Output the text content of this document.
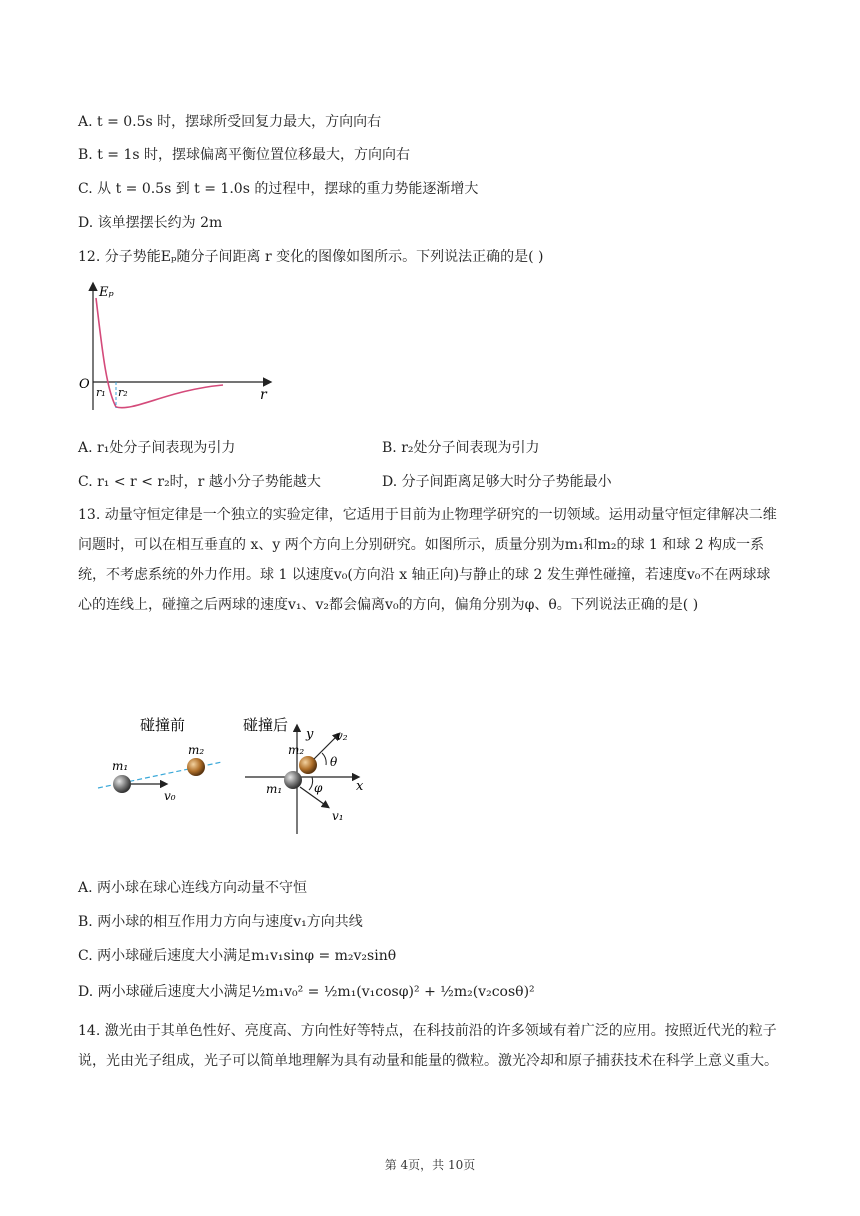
A. t = 0.5s 时，摆球所受回复力最大，方向向右
B. t = 1s 时，摆球偏离平衡位置位移最大，方向向右
C. 从 t = 0.5s 到 t = 1.0s 的过程中，摆球的重力势能逐渐增大
D. 该单摆摆长约为 2m
12. 分子势能Eₚ随分子间距离 r 变化的图像如图所示。下列说法正确的是( )
Eₚ
r
O
r₁ r₂
A. r₁处分子间表现为引力	B. r₂处分子间表现为引力
C. r₁ < r < r₂时，r 越小分子势能越大	D. 分子间距离足够大时分子势能最小
13. 动量守恒定律是一个独立的实验定律，它适用于目前为止物理学研究的一切领域。运用动量守恒定律解决二维问题时，可以在相互垂直的 x、y 两个方向上分别研究。如图所示，质量分别为m₁和m₂的球 1 和球 2 构成一系统，不考虑系统的外力作用。球 1 以速度v₀(方向沿 x 轴正向)与静止的球 2 发生弹性碰撞，若速度v₀不在两球球心的连线上，碰撞之后两球的速度v₁、v₂都会偏离v₀的方向，偏角分别为φ、θ。下列说法正确的是( )
碰撞前
m₁
m₂
v₀
碰撞后
y
x
v₂
v₁
m₂
m₁
θ
φ
A. 两小球在球心连线方向动量不守恒
B. 两小球的相互作用力方向与速度v₁方向共线
C. 两小球碰后速度大小满足m₁v₁sinφ = m₂v₂sinθ
D. 两小球碰后速度大小满足½m₁v₀² = ½m₁(v₁cosφ)² + ½m₂(v₂cosθ)²
14. 激光由于其单色性好、亮度高、方向性好等特点，在科技前沿的许多领域有着广泛的应用。按照近代光的粒子说，光由光子组成，光子可以简单地理解为具有动量和能量的微粒。激光冷却和原子捕获技术在科学上意义重大。
第 4页，共 10页
